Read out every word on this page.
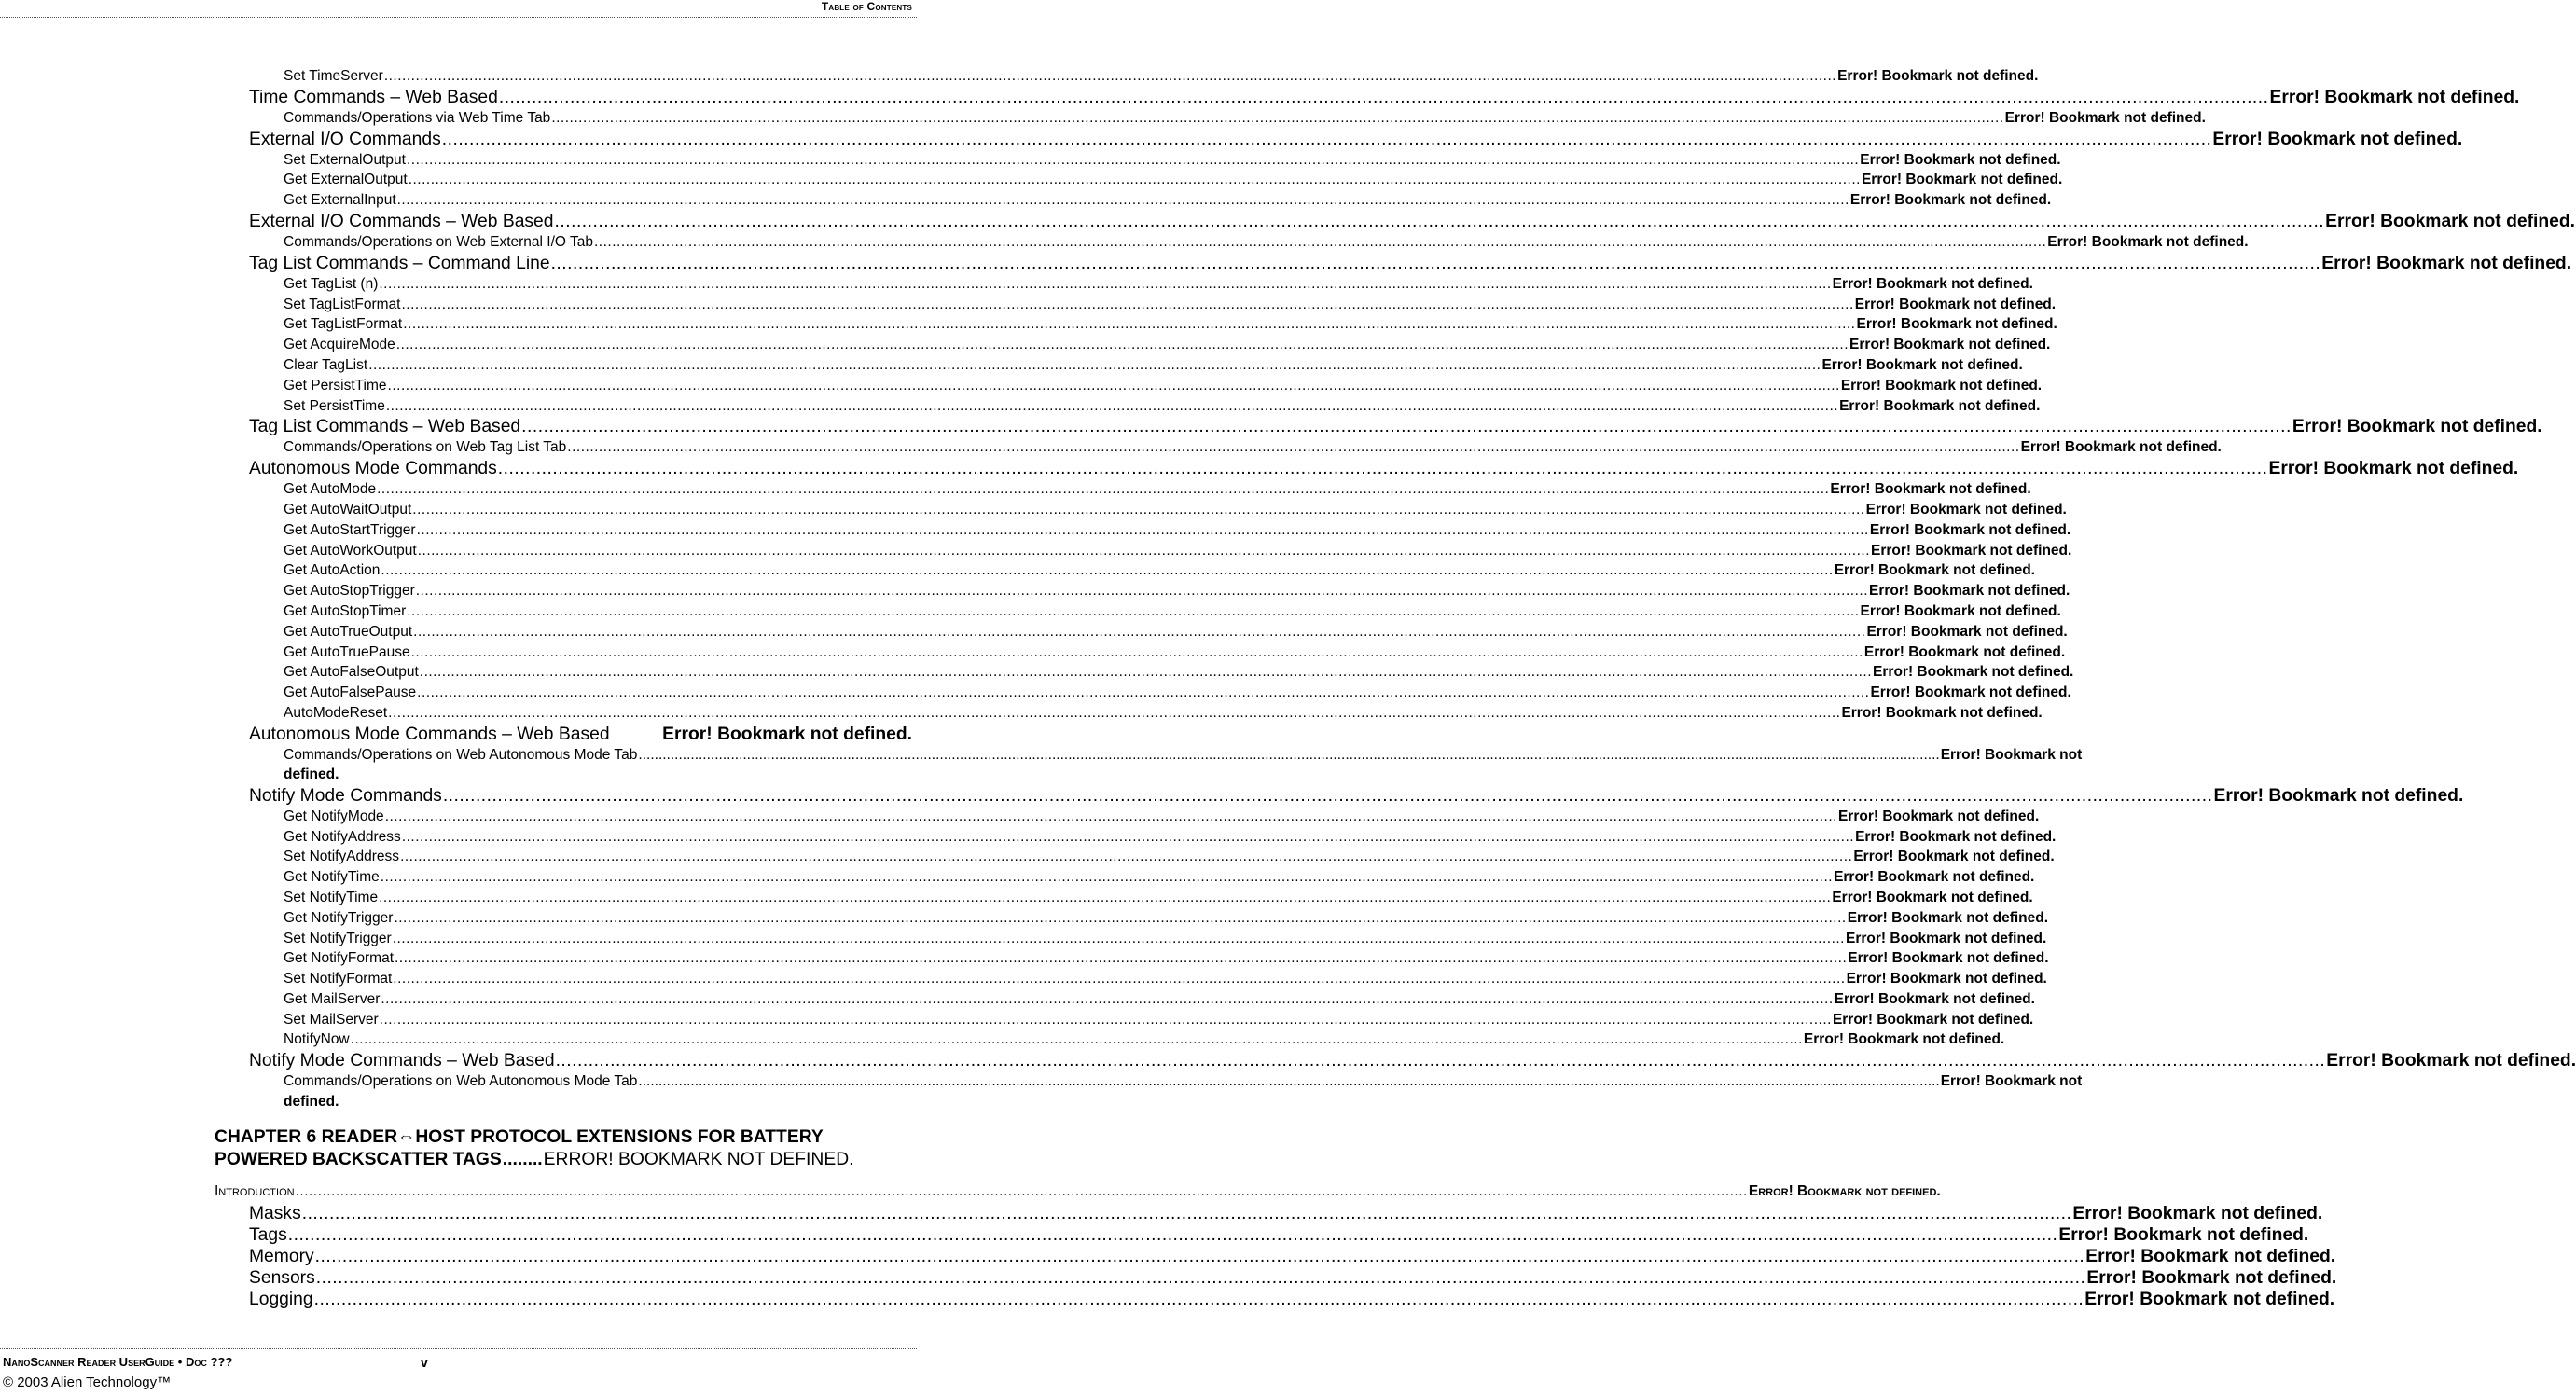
Table of Contents
Set TimeServer .................................................................................................................................................................................................................................................................................................................................... Error! Bookmark not defined.
Time Commands – Web Based .................................................................................................................................................................................................................................................................................................................................... Error! Bookmark not defined.
Commands/Operations via Web Time Tab .................................................................................................................................................................................................................................................................................................................................... Error! Bookmark not defined.
External I/O Commands .................................................................................................................................................................................................................................................................................................................................... Error! Bookmark not defined.
Set ExternalOutput .................................................................................................................................................................................................................................................................................................................................... Error! Bookmark not defined.
Get ExternalOutput .................................................................................................................................................................................................................................................................................................................................... Error! Bookmark not defined.
Get ExternalInput .................................................................................................................................................................................................................................................................................................................................... Error! Bookmark not defined.
External I/O Commands – Web Based .................................................................................................................................................................................................................................................................................................................................... Error! Bookmark not defined.
Commands/Operations on Web External I/O Tab .................................................................................................................................................................................................................................................................................................................................... Error! Bookmark not defined.
Tag List Commands – Command Line .................................................................................................................................................................................................................................................................................................................................... Error! Bookmark not defined.
Get TagList (n) .................................................................................................................................................................................................................................................................................................................................... Error! Bookmark not defined.
Set TagListFormat .................................................................................................................................................................................................................................................................................................................................... Error! Bookmark not defined.
Get TagListFormat .................................................................................................................................................................................................................................................................................................................................... Error! Bookmark not defined.
Get AcquireMode .................................................................................................................................................................................................................................................................................................................................... Error! Bookmark not defined.
Clear TagList .................................................................................................................................................................................................................................................................................................................................... Error! Bookmark not defined.
Get PersistTime .................................................................................................................................................................................................................................................................................................................................... Error! Bookmark not defined.
Set PersistTime .................................................................................................................................................................................................................................................................................................................................... Error! Bookmark not defined.
Tag List Commands – Web Based .................................................................................................................................................................................................................................................................................................................................... Error! Bookmark not defined.
Commands/Operations on Web Tag List Tab .................................................................................................................................................................................................................................................................................................................................... Error! Bookmark not defined.
Autonomous Mode Commands .................................................................................................................................................................................................................................................................................................................................... Error! Bookmark not defined.
Get AutoMode .................................................................................................................................................................................................................................................................................................................................... Error! Bookmark not defined.
Get AutoWaitOutput .................................................................................................................................................................................................................................................................................................................................... Error! Bookmark not defined.
Get AutoStartTrigger .................................................................................................................................................................................................................................................................................................................................... Error! Bookmark not defined.
Get AutoWorkOutput .................................................................................................................................................................................................................................................................................................................................... Error! Bookmark not defined.
Get AutoAction .................................................................................................................................................................................................................................................................................................................................... Error! Bookmark not defined.
Get AutoStopTrigger .................................................................................................................................................................................................................................................................................................................................... Error! Bookmark not defined.
Get AutoStopTimer .................................................................................................................................................................................................................................................................................................................................... Error! Bookmark not defined.
Get AutoTrueOutput .................................................................................................................................................................................................................................................................................................................................... Error! Bookmark not defined.
Get AutoTruePause .................................................................................................................................................................................................................................................................................................................................... Error! Bookmark not defined.
Get AutoFalseOutput .................................................................................................................................................................................................................................................................................................................................... Error! Bookmark not defined.
Get AutoFalsePause .................................................................................................................................................................................................................................................................................................................................... Error! Bookmark not defined.
AutoModeReset .................................................................................................................................................................................................................................................................................................................................... Error! Bookmark not defined.
Autonomous Mode Commands – Web Based	Error! Bookmark not defined.
Commands/Operations on Web Autonomous Mode Tab .................................................................................................................................................................................................................................................................................................................................... Error! Bookmark not
defined.
Notify Mode Commands .................................................................................................................................................................................................................................................................................................................................... Error! Bookmark not defined.
Get NotifyMode .................................................................................................................................................................................................................................................................................................................................... Error! Bookmark not defined.
Get NotifyAddress .................................................................................................................................................................................................................................................................................................................................... Error! Bookmark not defined.
Set NotifyAddress .................................................................................................................................................................................................................................................................................................................................... Error! Bookmark not defined.
Get NotifyTime .................................................................................................................................................................................................................................................................................................................................... Error! Bookmark not defined.
Set NotifyTime .................................................................................................................................................................................................................................................................................................................................... Error! Bookmark not defined.
Get NotifyTrigger .................................................................................................................................................................................................................................................................................................................................... Error! Bookmark not defined.
Set NotifyTrigger .................................................................................................................................................................................................................................................................................................................................... Error! Bookmark not defined.
Get NotifyFormat .................................................................................................................................................................................................................................................................................................................................... Error! Bookmark not defined.
Set NotifyFormat .................................................................................................................................................................................................................................................................................................................................... Error! Bookmark not defined.
Get MailServer .................................................................................................................................................................................................................................................................................................................................... Error! Bookmark not defined.
Set MailServer .................................................................................................................................................................................................................................................................................................................................... Error! Bookmark not defined.
NotifyNow .................................................................................................................................................................................................................................................................................................................................... Error! Bookmark not defined.
Notify Mode Commands – Web Based .................................................................................................................................................................................................................................................................................................................................... Error! Bookmark not defined.
Commands/Operations on Web Autonomous Mode Tab .................................................................................................................................................................................................................................................................................................................................... Error! Bookmark not
defined.
CHAPTER 6 READER⇔HOST PROTOCOL EXTENSIONS FOR BATTERY
POWERED BACKSCATTER TAGS ........ ERROR! BOOKMARK NOT DEFINED.
Introduction .................................................................................................................................................................................................................................................................................................................................... Error! Bookmark not defined.
Masks .................................................................................................................................................................................................................................................................................................................................... Error! Bookmark not defined.
Tags .................................................................................................................................................................................................................................................................................................................................... Error! Bookmark not defined.
Memory .................................................................................................................................................................................................................................................................................................................................... Error! Bookmark not defined.
Sensors .................................................................................................................................................................................................................................................................................................................................... Error! Bookmark not defined.
Logging .................................................................................................................................................................................................................................................................................................................................... Error! Bookmark not defined.
NanoScanner Reader UserGuide • Doc ???	v
© 2003 Alien Technology™
